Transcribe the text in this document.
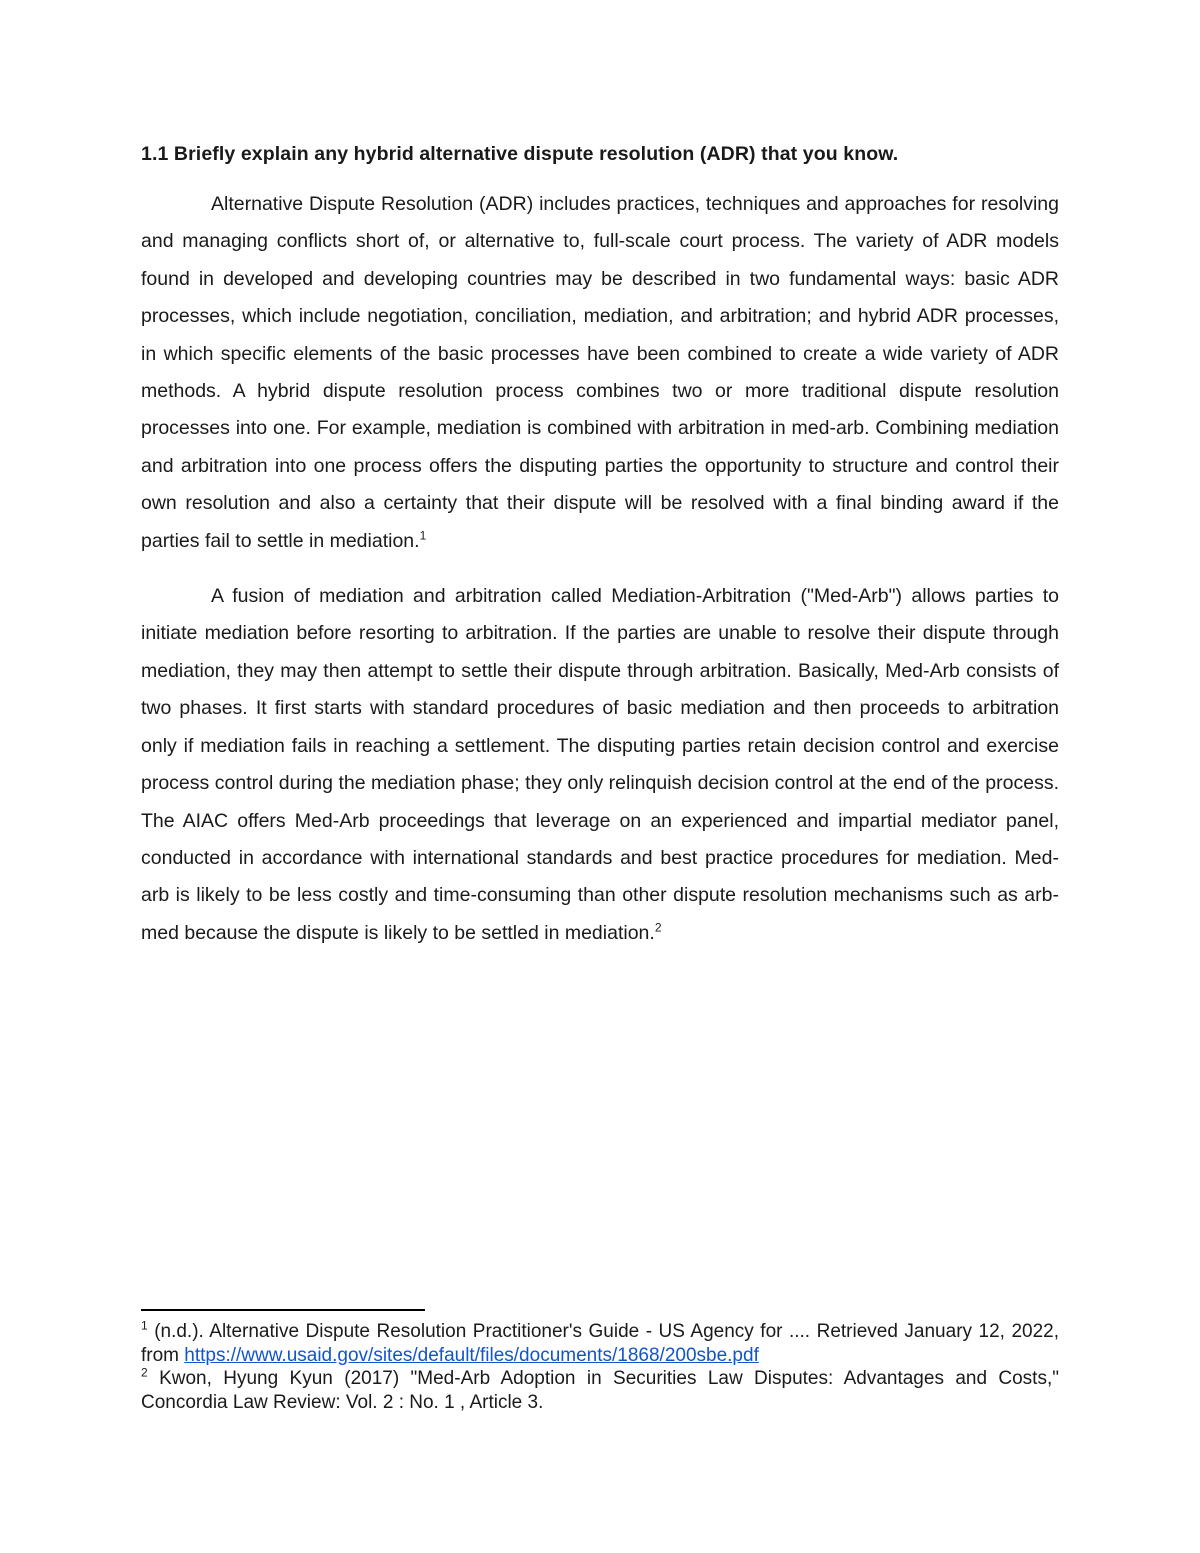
1.1 Briefly explain any hybrid alternative dispute resolution (ADR) that you know.

Alternative Dispute Resolution (ADR) includes practices, techniques and approaches for resolving and managing conflicts short of, or alternative to, full-scale court process. The variety of ADR models found in developed and developing countries may be described in two fundamental ways: basic ADR processes, which include negotiation, conciliation, mediation, and arbitration; and hybrid ADR processes, in which specific elements of the basic processes have been combined to create a wide variety of ADR methods. A hybrid dispute resolution process combines two or more traditional dispute resolution processes into one. For example, mediation is combined with arbitration in med-arb. Combining mediation and arbitration into one process offers the disputing parties the opportunity to structure and control their own resolution and also a certainty that their dispute will be resolved with a final binding award if the parties fail to settle in mediation.$^1$

A fusion of mediation and arbitration called Mediation-Arbitration ("Med-Arb") allows parties to initiate mediation before resorting to arbitration. If the parties are unable to resolve their dispute through mediation, they may then attempt to settle their dispute through arbitration. Basically, Med-Arb consists of two phases. It first starts with standard procedures of basic mediation and then proceeds to arbitration only if mediation fails in reaching a settlement. The disputing parties retain decision control and exercise process control during the mediation phase; they only relinquish decision control at the end of the process. The AIAC offers Med-Arb proceedings that leverage on an experienced and impartial mediator panel, conducted in accordance with international standards and best practice procedures for mediation. Med-arb is likely to be less costly and time-consuming than other dispute resolution mechanisms such as arb-med because the dispute is likely to be settled in mediation.$^2$

$^1$ (n.d.). Alternative Dispute Resolution Practitioner's Guide - US Agency for .... Retrieved January 12, 2022, from https://www.usaid.gov/sites/default/files/documents/1868/200sbe.pdf

$^2$ Kwon, Hyung Kyun (2017) "Med-Arb Adoption in Securities Law Disputes: Advantages and Costs," Concordia Law Review: Vol. 2 : No. 1 , Article 3.
